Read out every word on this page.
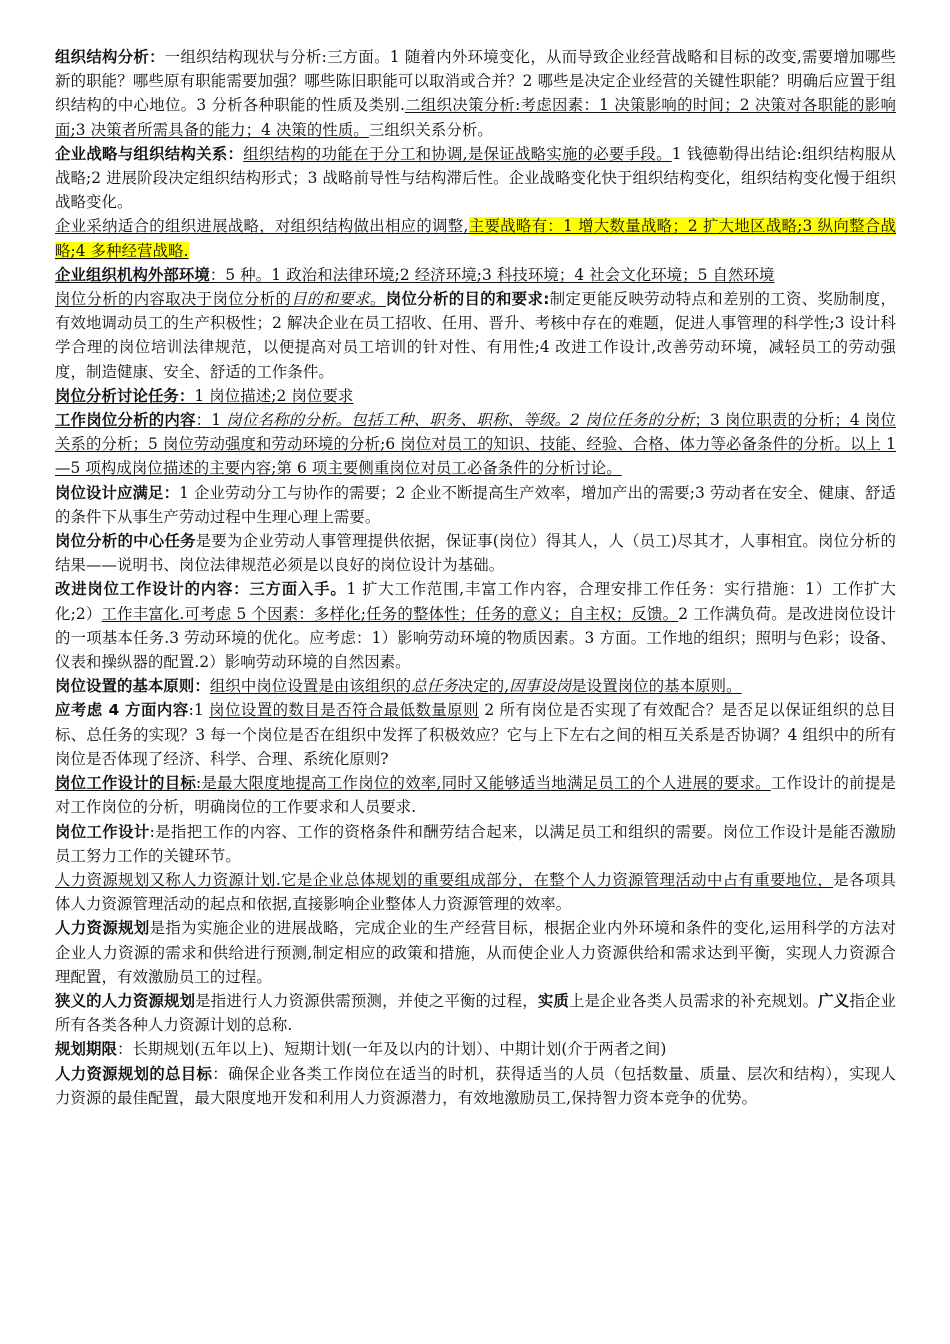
组织结构分析：一组织结构现状与分析:三方面。1 随着内外环境变化，从而导致企业经营战略和目标的改变,需要增加哪些新的职能？哪些原有职能需要加强？哪些陈旧职能可以取消或合并？2 哪些是决定企业经营的关键性职能？明确后应置于组织结构的中心地位。3 分析各种职能的性质及类别.二组织决策分析:考虑因素：1 决策影响的时间；2 决策对各职能的影响面;3 决策者所需具备的能力；4 决策的性质。三组织关系分析。

企业战略与组织结构关系：组织结构的功能在于分工和协调,是保证战略实施的必要手段。1 钱德勒得出结论:组织结构服从战略;2 进展阶段决定组织结构形式；3 战略前导性与结构滞后性。企业战略变化快于组织结构变化，组织结构变化慢于组织战略变化。

企业采纳适合的组织进展战略，对组织结构做出相应的调整,主要战略有：1 增大数量战略；2 扩大地区战略;3 纵向整合战略;4 多种经营战略.

企业组织机构外部环境：5 种。1 政治和法律环境;2 经济环境;3 科技环境；4 社会文化环境；5 自然环境

岗位分析的内容取决于岗位分析的目的和要求。岗位分析的目的和要求:制定更能反映劳动特点和差别的工资、奖励制度，有效地调动员工的生产积极性；2 解决企业在员工招收、任用、晋升、考核中存在的难题，促进人事管理的科学性;3 设计科学合理的岗位培训法律规范，以便提高对员工培训的针对性、有用性;4 改进工作设计,改善劳动环境，减轻员工的劳动强度，制造健康、安全、舒适的工作条件。

岗位分析讨论任务：1 岗位描述;2 岗位要求

工作岗位分析的内容：1 岗位名称的分析。包括工种、职务、职称、等级。2 岗位任务的分析；3 岗位职责的分析；4 岗位关系的分析；5 岗位劳动强度和劳动环境的分析;6 岗位对员工的知识、技能、经验、合格、体力等必备条件的分析。以上 1—5 项构成岗位描述的主要内容;第 6 项主要侧重岗位对员工必备条件的分析讨论。

岗位设计应满足：1 企业劳动分工与协作的需要；2 企业不断提高生产效率，增加产出的需要;3 劳动者在安全、健康、舒适的条件下从事生产劳动过程中生理心理上需要。

岗位分析的中心任务是要为企业劳动人事管理提供依据，保证事(岗位）得其人，人（员工)尽其才，人事相宜。岗位分析的结果——说明书、岗位法律规范必须是以良好的岗位设计为基础。

改进岗位工作设计的内容：三方面入手。1 扩大工作范围,丰富工作内容，合理安排工作任务：实行措施：1）工作扩大化;2）工作丰富化.可考虑 5 个因素：多样化;任务的整体性；任务的意义；自主权；反馈。2 工作满负荷。是改进岗位设计的一项基本任务.3 劳动环境的优化。应考虑：1）影响劳动环境的物质因素。3 方面。工作地的组织；照明与色彩；设备、仪表和操纵器的配置.2）影响劳动环境的自然因素。

岗位设置的基本原则：组织中岗位设置是由该组织的总任务决定的,因事设岗是设置岗位的基本原则。

应考虑 4 方面内容:1 岗位设置的数目是否符合最低数量原则 2 所有岗位是否实现了有效配合？是否足以保证组织的总目标、总任务的实现？3 每一个岗位是否在组织中发挥了积极效应？它与上下左右之间的相互关系是否协调？4 组织中的所有岗位是否体现了经济、科学、合理、系统化原则?

岗位工作设计的目标:是最大限度地提高工作岗位的效率,同时又能够适当地满足员工的个人进展的要求。工作设计的前提是对工作岗位的分析，明确岗位的工作要求和人员要求.

岗位工作设计:是指把工作的内容、工作的资格条件和酬劳结合起来，以满足员工和组织的需要。岗位工作设计是能否激励员工努力工作的关键环节。

人力资源规划又称人力资源计划.它是企业总体规划的重要组成部分，在整个人力资源管理活动中占有重要地位，是各项具体人力资源管理活动的起点和依据,直接影响企业整体人力资源管理的效率。

人力资源规划是指为实施企业的进展战略，完成企业的生产经营目标，根据企业内外环境和条件的变化,运用科学的方法对企业人力资源的需求和供给进行预测,制定相应的政策和措施，从而使企业人力资源供给和需求达到平衡，实现人力资源合理配置，有效激励员工的过程。

狭义的人力资源规划是指进行人力资源供需预测，并使之平衡的过程，实质上是企业各类人员需求的补充规划。广义指企业所有各类各种人力资源计划的总称.

规划期限：长期规划(五年以上)、短期计划(一年及以内的计划）、中期计划(介于两者之间)

人力资源规划的总目标：确保企业各类工作岗位在适当的时机，获得适当的人员（包括数量、质量、层次和结构），实现人力资源的最佳配置，最大限度地开发和利用人力资源潜力，有效地激励员工,保持智力资本竞争的优势。
